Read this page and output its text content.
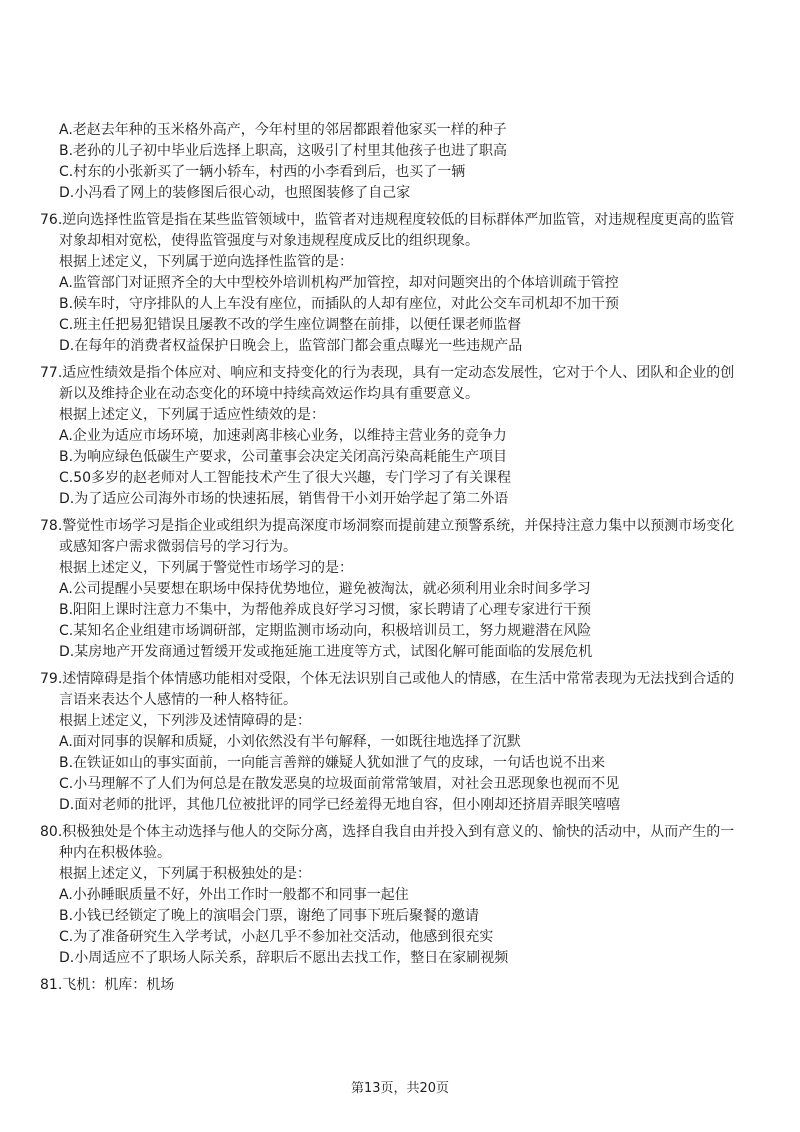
A.老赵去年种的玉米格外高产，今年村里的邻居都跟着他家买一样的种子
B.老孙的儿子初中毕业后选择上职高，这吸引了村里其他孩子也进了职高
C.村东的小张新买了一辆小轿车，村西的小李看到后，也买了一辆
D.小冯看了网上的装修图后很心动，也照图装修了自己家
76.逆向选择性监管是指在某些监管领域中，监管者对违规程度较低的目标群体严加监管，对违规程度更高的监管
对象却相对宽松，使得监管强度与对象违规程度成反比的组织现象。
根据上述定义，下列属于逆向选择性监管的是：
A.监管部门对证照齐全的大中型校外培训机构严加管控，却对问题突出的个体培训疏于管控
B.候车时，守序排队的人上车没有座位，而插队的人却有座位，对此公交车司机却不加干预
C.班主任把易犯错误且屡教不改的学生座位调整在前排，以便任课老师监督
D.在每年的消费者权益保护日晚会上，监管部门都会重点曝光一些违规产品
77.适应性绩效是指个体应对、响应和支持变化的行为表现，具有一定动态发展性，它对于个人、团队和企业的创
新以及维持企业在动态变化的环境中持续高效运作均具有重要意义。
根据上述定义，下列属于适应性绩效的是：
A.企业为适应市场环境，加速剥离非核心业务，以维持主营业务的竞争力
B.为响应绿色低碳生产要求，公司董事会决定关闭高污染高耗能生产项目
C.50多岁的赵老师对人工智能技术产生了很大兴趣，专门学习了有关课程
D.为了适应公司海外市场的快速拓展，销售骨干小刘开始学起了第二外语
78.警觉性市场学习是指企业或组织为提高深度市场洞察而提前建立预警系统，并保持注意力集中以预测市场变化
或感知客户需求微弱信号的学习行为。
根据上述定义，下列属于警觉性市场学习的是：
A.公司提醒小吴要想在职场中保持优势地位，避免被淘汰，就必须利用业余时间多学习
B.阳阳上课时注意力不集中，为帮他养成良好学习习惯，家长聘请了心理专家进行干预
C.某知名企业组建市场调研部，定期监测市场动向，积极培训员工，努力规避潜在风险
D.某房地产开发商通过暂缓开发或拖延施工进度等方式，试图化解可能面临的发展危机
79.述情障碍是指个体情感功能相对受限，个体无法识别自己或他人的情感，在生活中常常表现为无法找到合适的
言语来表达个人感情的一种人格特征。
根据上述定义，下列涉及述情障碍的是：
A.面对同事的误解和质疑，小刘依然没有半句解释，一如既往地选择了沉默
B.在铁证如山的事实面前，一向能言善辩的嫌疑人犹如泄了气的皮球，一句话也说不出来
C.小马理解不了人们为何总是在散发恶臭的垃圾面前常常皱眉，对社会丑恶现象也视而不见
D.面对老师的批评，其他几位被批评的同学已经羞得无地自容，但小刚却还挤眉弄眼笑嘻嘻
80.积极独处是个体主动选择与他人的交际分离，选择自我自由并投入到有意义的、愉快的活动中，从而产生的一
种内在积极体验。
根据上述定义，下列属于积极独处的是：
A.小孙睡眠质量不好，外出工作时一般都不和同事一起住
B.小钱已经锁定了晚上的演唱会门票，谢绝了同事下班后聚餐的邀请
C.为了准备研究生入学考试，小赵几乎不参加社交活动，他感到很充实
D.小周适应不了职场人际关系，辞职后不愿出去找工作，整日在家刷视频
81.飞机：机库：机场
第13页，共20页
